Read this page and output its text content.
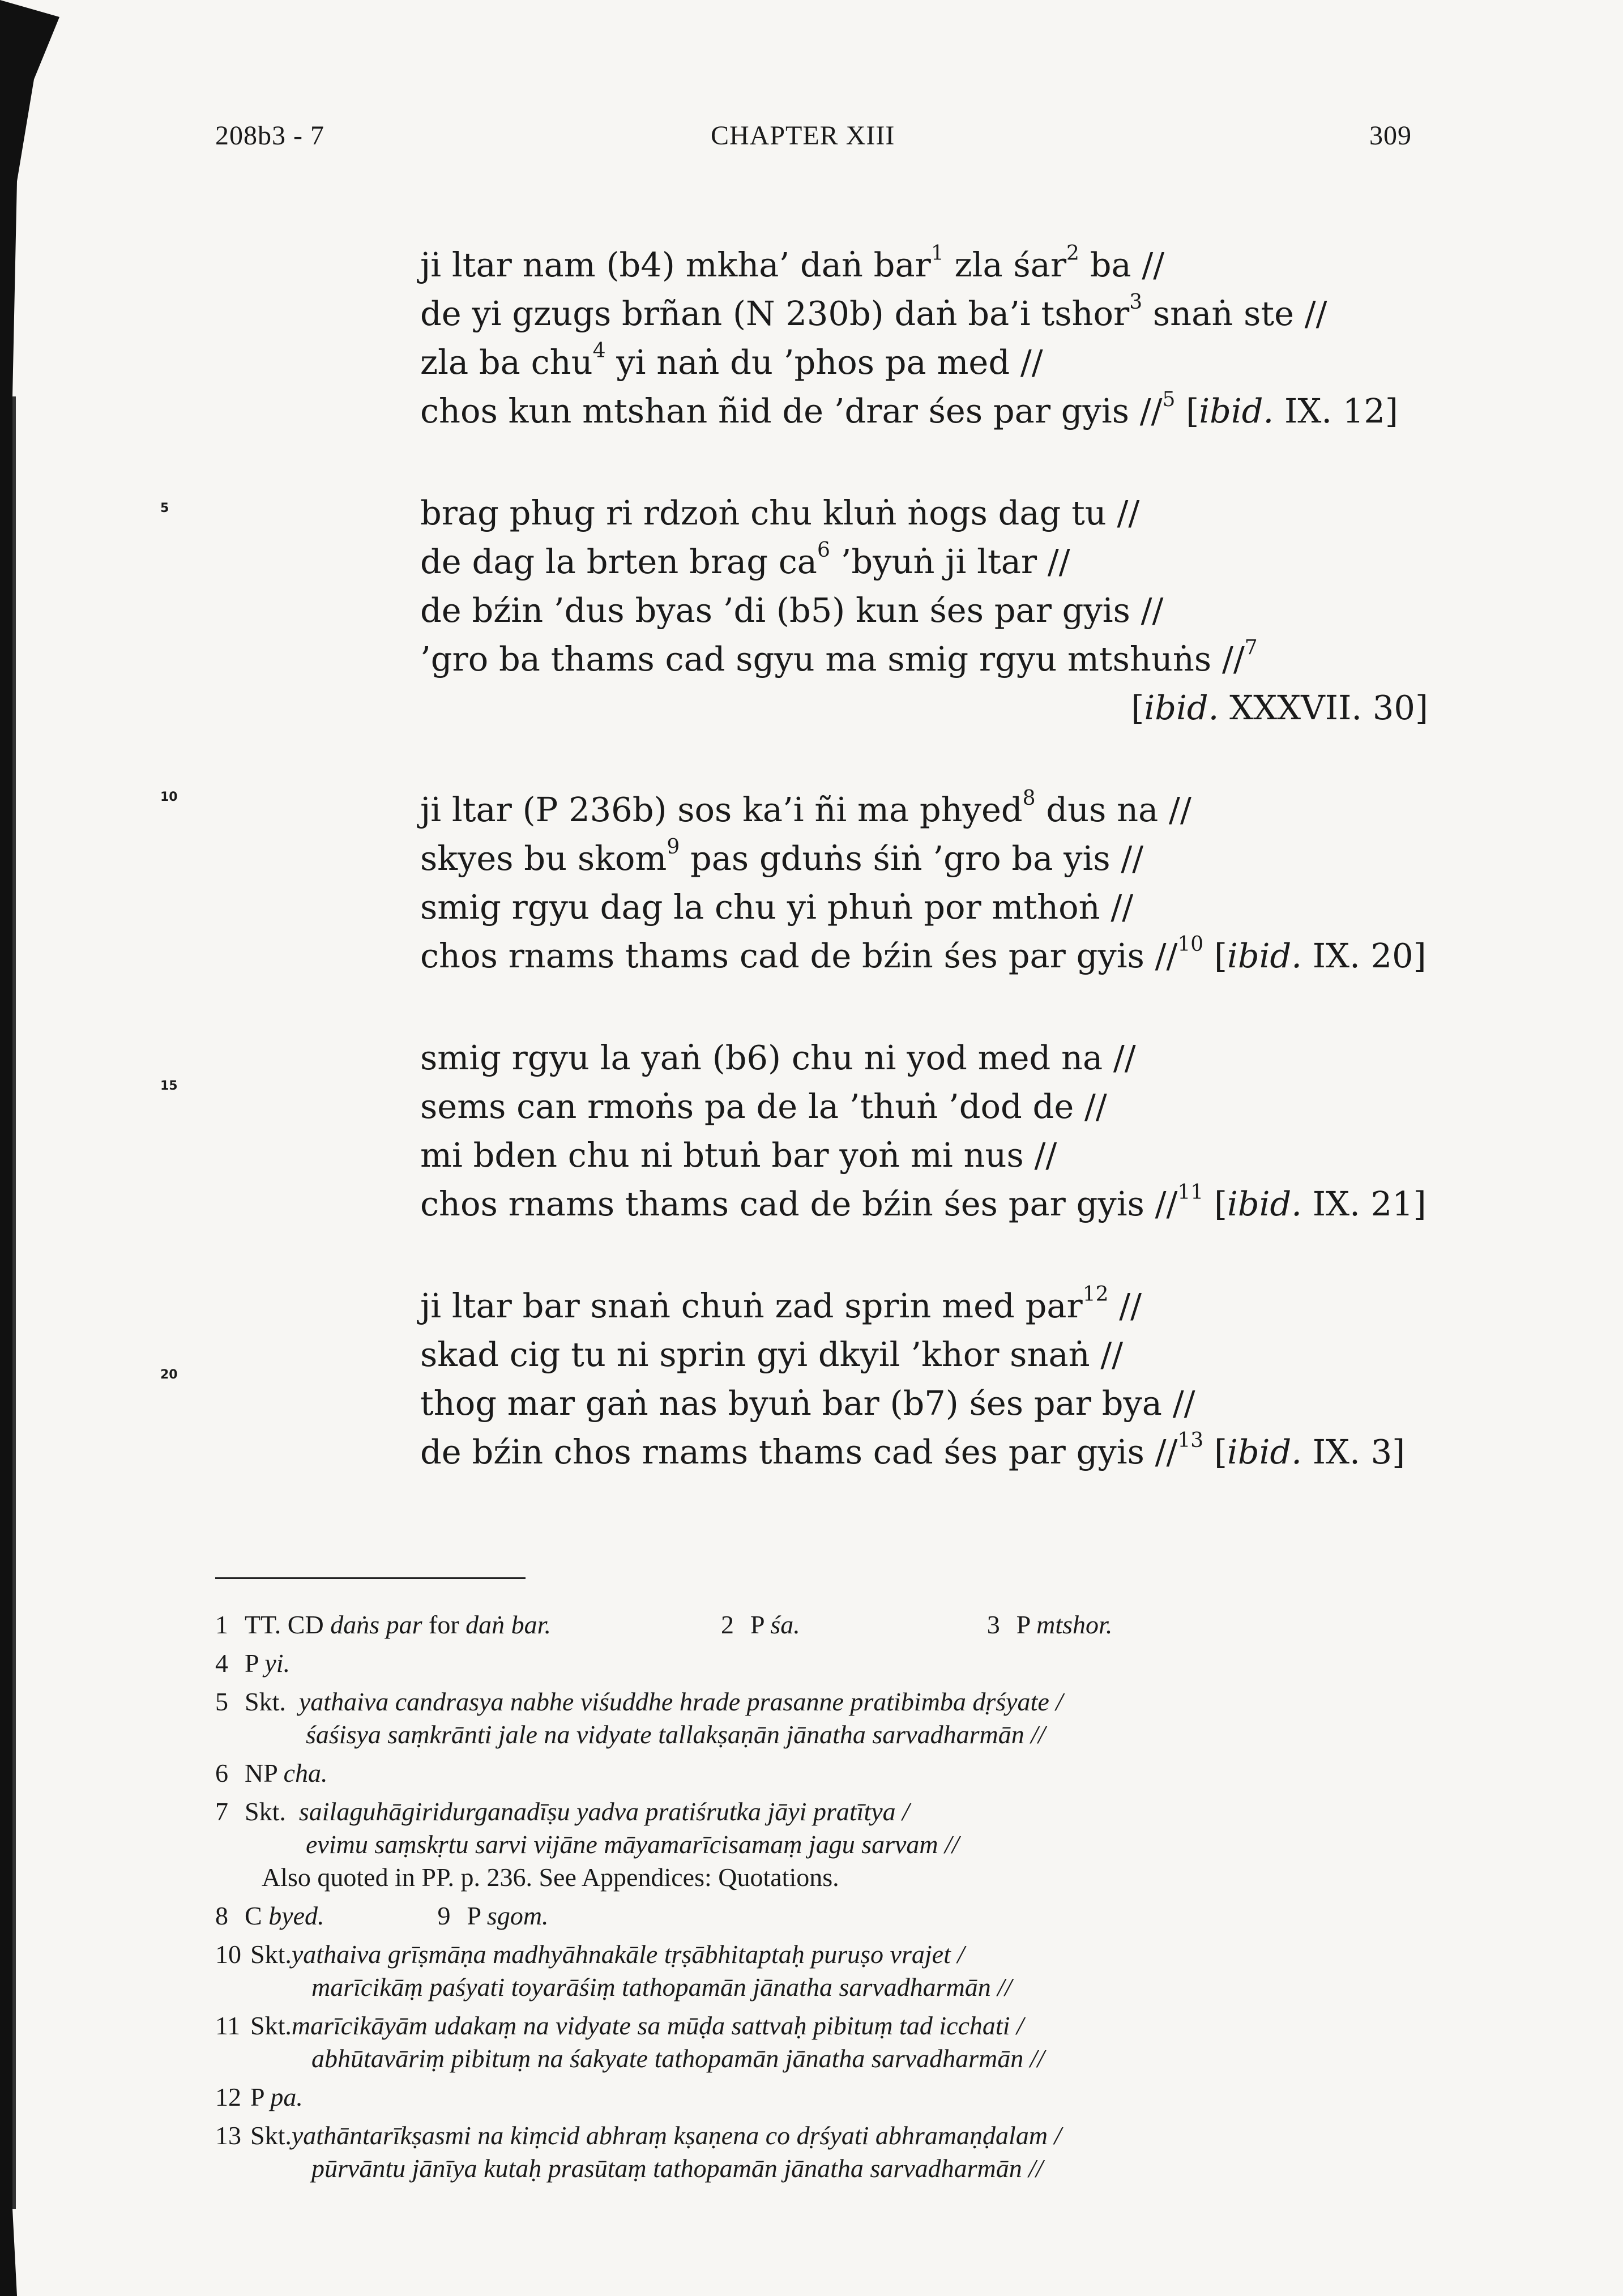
208b3 - 7	CHAPTER XIII	309
5
10
15
20
ji ltar nam (b4) mkha’ daṅ bar$^1$ zla śar$^2$ ba //
de yi gzugs brñan (N 230b) daṅ ba’i tshor$^3$ snaṅ ste //
zla ba chu$^4$ yi naṅ du ’phos pa med //
chos kun mtshan ñid de ’drar śes par gyis //$^5$ [ibid. IX. 12]
brag phug ri rdzoṅ chu kluṅ ṅogs dag tu //
de dag la brten brag $ca^6$ ’byuṅ ji ltar //
de bźin ’dus byas ’di (b5) kun śes par gyis //
’gro ba thams cad sgyu ma smig rgyu mtshuṅs //$^7$
[ibid. XXXVII. 30]
ji ltar (P 236b) sos ka’i ñi ma phyed$^8$ dus na //
skyes bu skom$^9$ pas gduṅs śiṅ ’gro ba yis //
smig rgyu dag la chu yi phuṅ por mthoṅ //
chos rnams thams cad de bźin śes par gyis //$^{10}$ [ibid. IX. 20]
smig rgyu la yaṅ (b6) chu ni yod med na //
sems can rmoṅs pa de la ’thuṅ ’dod de //
mi bden chu ni btuṅ bar yoṅ mi nus //
chos rnams thams cad de bźin śes par gyis //$^{11}$ [ibid. IX. 21]
ji ltar bar snaṅ chuṅ zad sprin med par$^{12}$ //
skad cig tu ni sprin gyi dkyil ’khor snaṅ //
thog mar gaṅ nas byuṅ bar (b7) śes par bya //
de bźin chos rnams thams cad śes par gyis //$^{13}$ [ibid. IX. 3]
1 TT. CD daṅs par for daṅ bar.	2 P śa.	3 P mtshor.
4 P yi.
5 Skt. yathaiva candrasya nabhe viśuddhe hrade prasanne pratibimba dṛśyate /
śaśisya saṃkrānti jale na vidyate tallakṣaṇān jānatha sarvadharmān //
6 NP cha.
7 Skt. sailaguhāgiridurganadīṣu yadva pratiśrutka jāyi pratītya /
evimu saṃskṛtu sarvi vijāne māyamarīcisamaṃ jagu sarvam //
Also quoted in PP. p. 236. See Appendices: Quotations.
8 C byed.	9 P sgom.
10 Skt.yathaiva grīṣmāṇa madhyāhnakāle tṛṣābhitaptaḥ puruṣo vrajet /
marīcikāṃ paśyati toyarāśiṃ tathopamān jānatha sarvadharmān //
11 Skt.marīcikāyām udakaṃ na vidyate sa mūḍa sattvaḥ pibituṃ tad icchati /
abhūtavāriṃ pibituṃ na śakyate tathopamān jānatha sarvadharmān //
12 P pa.
13 Skt.yathāntarīkṣasmi na kiṃcid abhraṃ kṣaṇena co dṛśyati abhramaṇḍalam /
pūrvāntu jānīya kutaḥ prasūtaṃ tathopamān jānatha sarvadharmān //
